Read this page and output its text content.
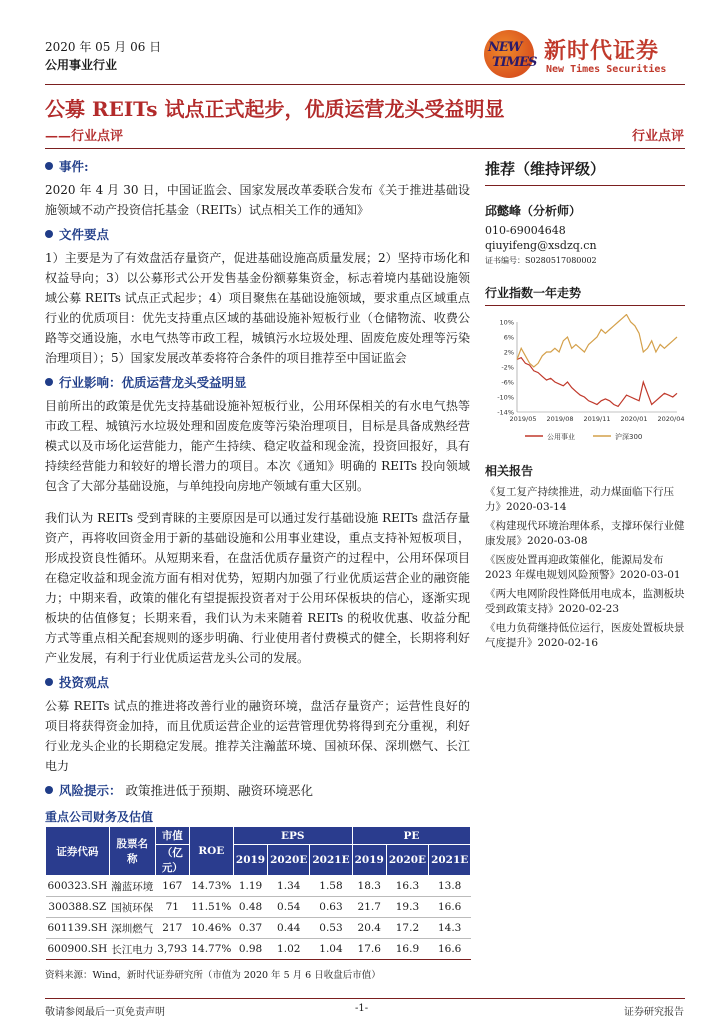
2020 年 05 月 06 日
公用事业行业
NEW
TIMES 新时代证券
New Times Securities
公募 REITs 试点正式起步，优质运营龙头受益明显
——行业点评	行业点评
事件:
2020 年 4 月 30 日，中国证监会、国家发展改革委联合发布《关于推进基础设施领域不动产投资信托基金（REITs）试点相关工作的通知》
文件要点
1）主要是为了有效盘活存量资产，促进基础设施高质量发展；2）坚持市场化和权益导向；3）以公募形式公开发售基金份额募集资金，标志着境内基础设施领域公募 REITs 试点正式起步；4）项目聚焦在基础设施领域，要求重点区域重点行业的优质项目：优先支持重点区域的基础设施补短板行业（仓储物流、收费公路等交通设施，水电气热等市政工程，城镇污水垃圾处理、固废危废处理等污染治理项目）；5）国家发展改革委将符合条件的项目推荐至中国证监会
行业影响：优质运营龙头受益明显
目前所出的政策是优先支持基础设施补短板行业，公用环保相关的有水电气热等市政工程、城镇污水垃圾处理和固废危废等污染治理项目，目标是具备成熟经营模式以及市场化运营能力，能产生持续、稳定收益和现金流，投资回报好，具有持续经营能力和较好的增长潜力的项目。本次《通知》明确的 REITs 投向领域包含了大部分基础设施，与单纯投向房地产领域有重大区别。
我们认为 REITs 受到青睐的主要原因是可以通过发行基础设施 REITs 盘活存量资产，再将收回资金用于新的基础设施和公用事业建设，重点支持补短板项目，形成投资良性循环。从短期来看，在盘活优质存量资产的过程中，公用环保项目在稳定收益和现金流方面有相对优势，短期内加强了行业优质运营企业的融资能力；中期来看，政策的催化有望提振投资者对于公用环保板块的信心，逐渐实现板块的估值修复；长期来看，我们认为未来随着 REITs 的税收优惠、收益分配方式等重点相关配套规则的逐步明确、行业使用者付费模式的健全，长期将利好产业发展，有利于行业优质运营龙头公司的发展。
投资观点
公募 REITs 试点的推进将改善行业的融资环境，盘活存量资产；运营性良好的项目将获得资金加持，而且优质运营企业的运营管理优势将得到充分重视，利好行业龙头企业的长期稳定发展。推荐关注瀚蓝环境、国祯环保、深圳燃气、长江电力
风险提示： 政策推进低于预期、融资环境恶化
推荐（维持评级）
邱懿峰（分析师）
010-69004648
qiuyifeng@xsdzq.cn
证书编号：S0280517080002
行业指数一年走势
10%
6%
2%
-2%
-6%
-10%
-14%
2019/05 2019/08 2019/11 2020/01 2020/04
公用事业	沪深300
相关报告
《复工复产持续推进，动力煤面临下行压力》2020-03-14
《构建现代环境治理体系，支撑环保行业健康发展》2020-03-08
《医废处置再迎政策催化，能源局发布 2023 年煤电规划风险预警》2020-03-01
《两大电网阶段性降低用电成本，监测板块受到政策支持》2020-02-23
《电力负荷继持低位运行，医废处置板块景气度提升》2020-02-16
重点公司财务及估值
证券代码	股票名称	市值	ROE	EPS			PE		
		（亿元）		2019	2020E	2021E	2019	2020E	2021E
600323.SH	瀚蓝环境	167	14.73%	1.19	1.34	1.58	18.3	16.3	13.8
300388.SZ	国祯环保	71	11.51%	0.48	0.54	0.63	21.7	19.3	16.6
601139.SH	深圳燃气	217	10.46%	0.37	0.44	0.53	20.4	17.2	14.3
600900.SH	长江电力	3,793	14.77%	0.98	1.02	1.04	17.6	16.9	16.6
资料来源：Wind，新时代证券研究所（市值为 2020 年 5 月 6 日收盘后市值）
敬请参阅最后一页免责声明	-1-	证券研究报告
